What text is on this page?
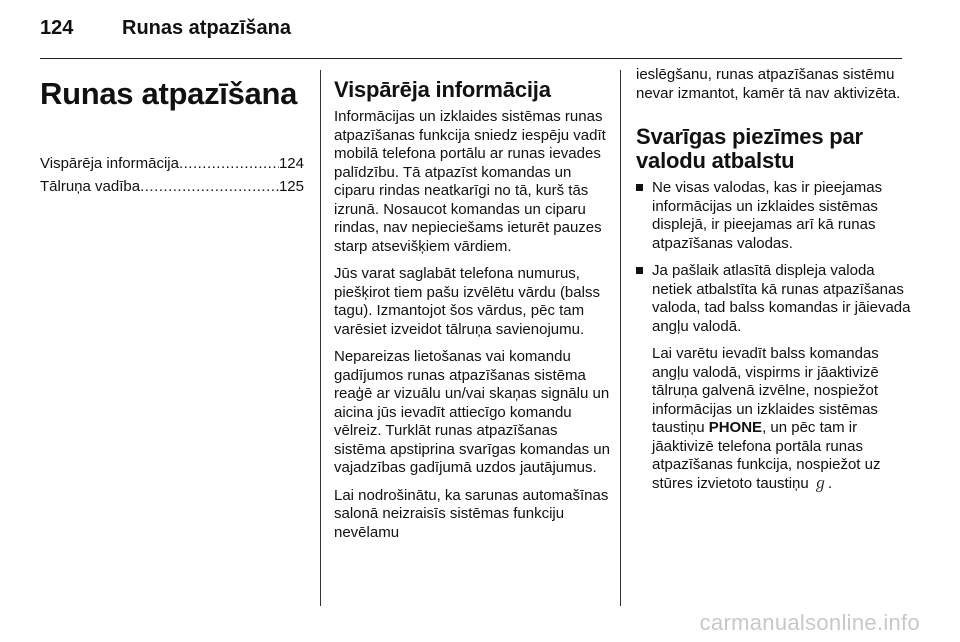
124	Runas atpazīšana
Runas atpazīšana
Vispārēja informācija .....	124
Tālruņa vadība .....	125
Vispārēja informācija

Informācijas un izklaides sistēmas runas atpazīšanas funkcija sniedz iespēju vadīt mobilā telefona portālu ar runas ievades palīdzību. Tā atpazīst komandas un ciparu rindas neatkarīgi no tā, kurš tās izrunā. Nosaucot komandas un ciparu rindas, nav nepieciešams ieturēt pauzes starp atsevišķiem vārdiem.

Jūs varat saglabāt telefona numurus, piešķirot tiem pašu izvēlētu vārdu (balss tagu). Izmantojot šos vārdus, pēc tam varēsiet izveidot tālruņa savienojumu.

Nepareizas lietošanas vai komandu gadījumos runas atpazīšanas sistēma reaģē ar vizuālu un/vai skaņas signālu un aicina jūs ievadīt attiecīgo komandu vēlreiz. Turklāt runas atpazīšanas sistēma apstiprina svarīgas komandas un vajadzības gadījumā uzdos jautājumus.

Lai nodrošinātu, ka sarunas automašīnas salonā neizraisīs sistēmas funkciju nevēlamu

ieslēgšanu, runas atpazīšanas sistēmu nevar izmantot, kamēr tā nav aktivizēta.

Svarīgas piezīmes par valodu atbalstu
Ne visas valodas, kas ir pieejamas informācijas un izklaides sistēmas displejā, ir pieejamas arī kā runas atpazīšanas valodas.

Ja pašlaik atlasītā displeja valoda netiek atbalstīta kā runas atpazīšanas valoda, tad balss komandas ir jāievada angļu valodā.

Lai varētu ievadīt balss komandas angļu valodā, vispirms ir jāaktivizē tālruņa galvenā izvēlne, nospiežot informācijas un izklaides sistēmas taustiņu PHONE, un pēc tam ir jāaktivizē telefona portāla runas atpazīšanas funkcija, nospiežot uz stūres izvietoto taustiņu ℊ.

carmanualsonline.info
